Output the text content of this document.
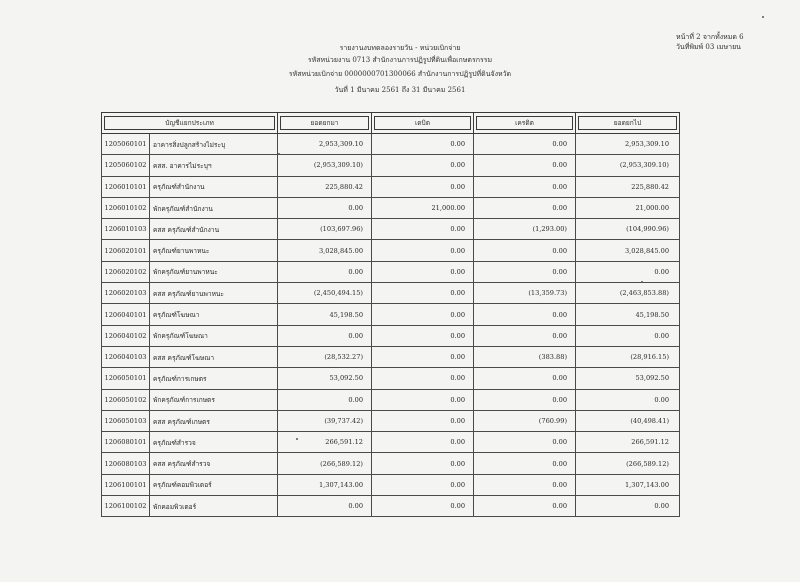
หน้าที่ 2 จากทั้งหมด 6
วันที่พิมพ์ 03 เมษายน
รายงานงบทดลองรายวัน - หน่วยเบิกจ่าย
รหัสหน่วยงาน 0713 สำนักงานการปฏิรูปที่ดินเพื่อเกษตรกรรม
รหัสหน่วยเบิกจ่าย 0000000701300066 สำนักงานการปฏิรูปที่ดินจังหวัด
วันที่ 1 มีนาคม 2561 ถึง 31 มีนาคม 2561
บัญชีแยกประเภท		ยอดยกมา	เดบิต	เครดิต	ยอดยกไป

1205060101	อาคารสิ่งปลูกสร้างไม่ระบุ	2,953,309.10	0.00	0.00	2,953,309.10
1205060102	คสส. อาคารไม่ระบุฯ	(2,953,309.10)	0.00	0.00	(2,953,309.10)
1206010101	ครุภัณฑ์สำนักงาน	225,880.42	0.00	0.00	225,880.42
1206010102	พักครุภัณฑ์สำนักงาน	0.00	21,000.00	0.00	21,000.00
1206010103	คสส ครุภัณฑ์สำนักงาน	(103,697.96)	0.00	(1,293.00)	(104,990.96)
1206020101	ครุภัณฑ์ยานพาหนะ	3,028,845.00	0.00	0.00	3,028,845.00
1206020102	พักครุภัณฑ์ยานพาหนะ	0.00	0.00	0.00	0.00
1206020103	คสส ครุภัณฑ์ยานพาหนะ	(2,450,494.15)	0.00	(13,359.73)	(2,463,853.88)
1206040101	ครุภัณฑ์โฆษณา	45,198.50	0.00	0.00	45,198.50
1206040102	พักครุภัณฑ์โฆษณา	0.00	0.00	0.00	0.00
1206040103	คสส ครุภัณฑ์โฆษณา	(28,532.27)	0.00	(383.88)	(28,916.15)
1206050101	ครุภัณฑ์การเกษตร	53,092.50	0.00	0.00	53,092.50
1206050102	พักครุภัณฑ์การเกษตร	0.00	0.00	0.00	0.00
1206050103	คสส ครุภัณฑ์เกษตร	(39,737.42)	0.00	(760.99)	(40,498.41)
1206080101	ครุภัณฑ์สำรวจ	266,591.12	0.00	0.00	266,591.12
1206080103	คสส ครุภัณฑ์สำรวจ	(266,589.12)	0.00	0.00	(266,589.12)
1206100101	ครุภัณฑ์คอมพิวเตอร์	1,307,143.00	0.00	0.00	1,307,143.00
1206100102	พักคอมพิวเตอร์	0.00	0.00	0.00	0.00
